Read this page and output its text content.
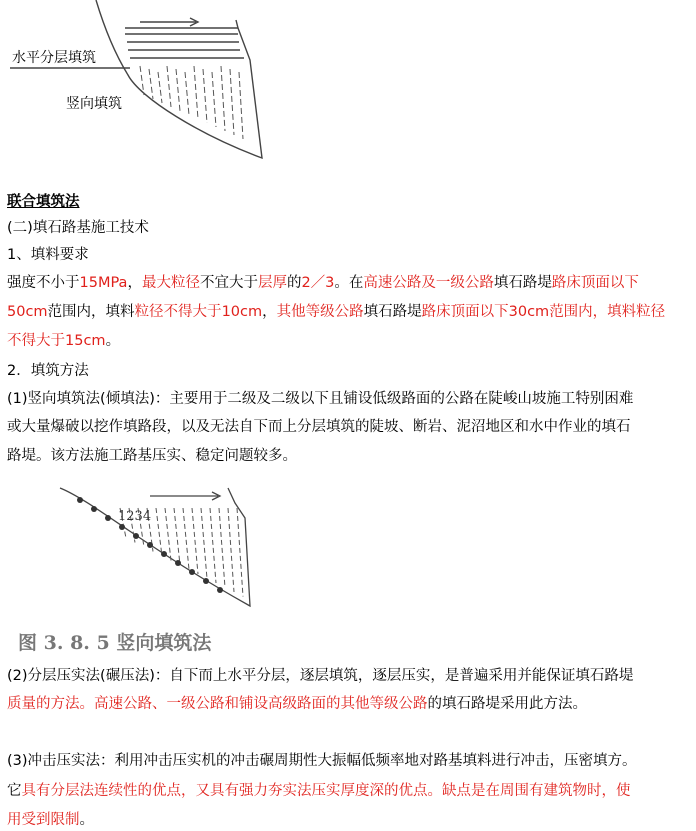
水平分层填筑
竖向填筑
联合填筑法
(二)填石路基施工技术
1、填料要求
强度不小于15MPa，最大粒径不宜大于层厚的2／3。在高速公路及一级公路填石路堤路床顶面以下
50cm范围内，填料粒径不得大于10cm，其他等级公路填石路堤路床顶面以下30cm范围内，填料粒径
不得大于15cm。
2．填筑方法
(1)竖向填筑法(倾填法)：主要用于二级及二级以下且铺设低级路面的公路在陡峻山坡施工特别困难
或大量爆破以挖作填路段，以及无法自下而上分层填筑的陡坡、断岩、泥沼地区和水中作业的填石
路堤。该方法施工路基压实、稳定问题较多。
1234
图 3. 8. 5 竖向填筑法
(2)分层压实法(碾压法)：自下而上水平分层，逐层填筑，逐层压实，是普遍采用并能保证填石路堤
质量的方法。高速公路、一级公路和铺设高级路面的其他等级公路的填石路堤采用此方法。
(3)冲击压实法：利用冲击压实机的冲击碾周期性大振幅低频率地对路基填料进行冲击，压密填方。
它具有分层法连续性的优点，又具有强力夯实法压实厚度深的优点。缺点是在周围有建筑物时，使
用受到限制。
